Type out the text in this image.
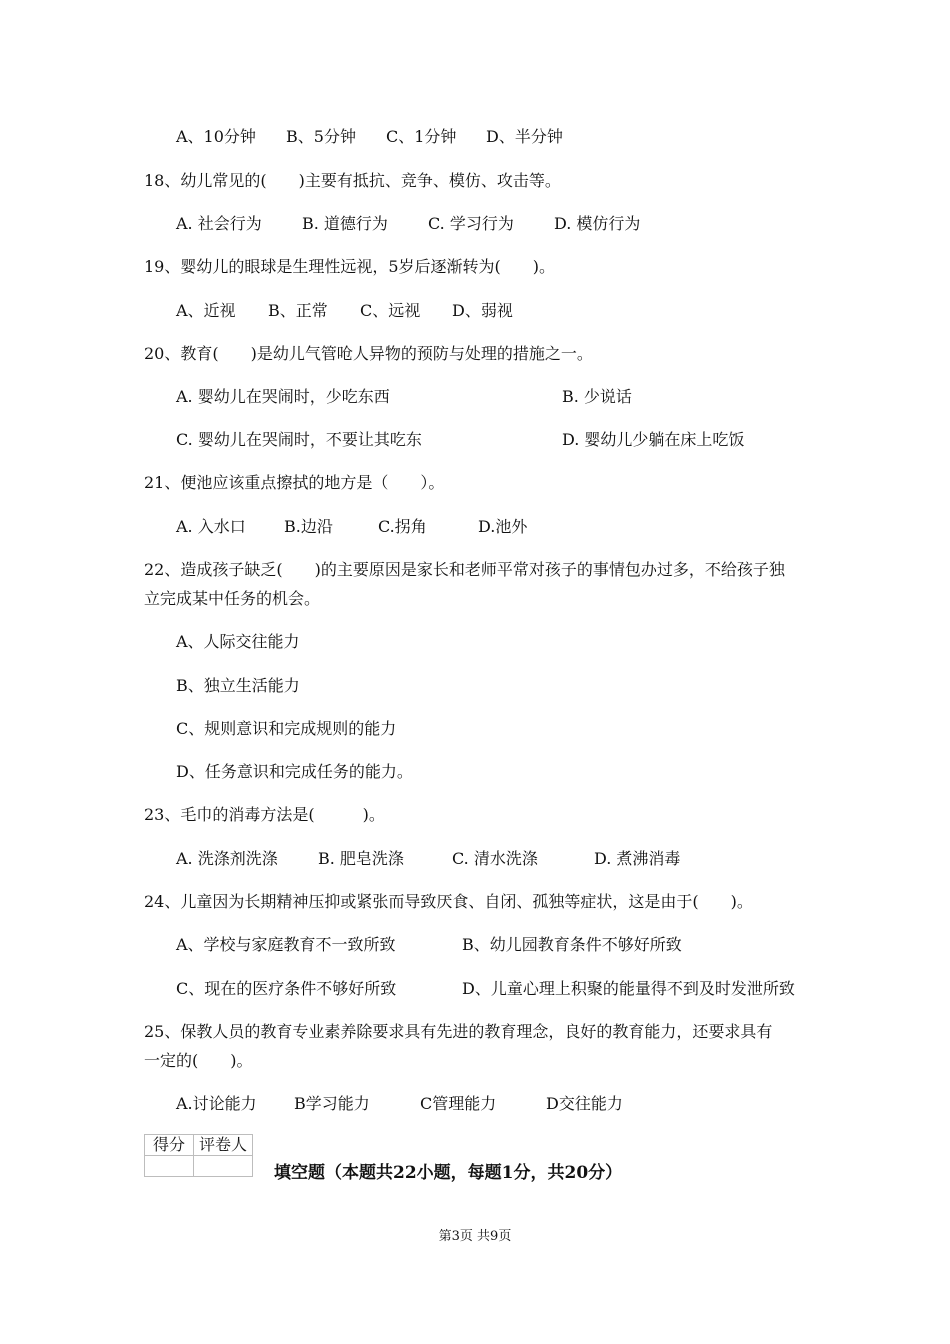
A、10分钟 B、5分钟 C、1分钟 D、半分钟
18、幼儿常见的(　　)主要有抵抗、竞争、模仿、攻击等。
A. 社会行为	B. 道德行为	C. 学习行为	D. 模仿行为
19、婴幼儿的眼球是生理性远视，5岁后逐渐转为(　　)。
A、近视 B、正常 C、远视 D、弱视
20、教育(　　)是幼儿气管呛人异物的预防与处理的措施之一。
A. 婴幼儿在哭闹时，少吃东西	B. 少说话
C. 婴幼儿在哭闹时，不要让其吃东	D. 婴幼儿少躺在床上吃饭
21、便池应该重点擦拭的地方是（　　）。
A. 入水口 B.边沿	C.拐角	D.池外
22、造成孩子缺乏(　　)的主要原因是家长和老师平常对孩子的事情包办过多，不给孩子独
立完成某中任务的机会。
A、人际交往能力
B、独立生活能力
C、规则意识和完成规则的能力
D、任务意识和完成任务的能力。
23、毛巾的消毒方法是(　　　)。
A. 洗涤剂洗涤	B. 肥皂洗涤	C. 清水洗涤	D. 煮沸消毒
24、儿童因为长期精神压抑或紧张而导致厌食、自闭、孤独等症状，这是由于(　　)。
A、学校与家庭教育不一致所致	B、幼儿园教育条件不够好所致
C、现在的医疗条件不够好所致	D、儿童心理上积聚的能量得不到及时发泄所致
25、保教人员的教育专业素养除要求具有先进的教育理念，良好的教育能力，还要求具有
一定的(　　)。
A.讨论能力 B学习能力	C管理能力	D交往能力
得分	评卷人

填空题（本题共22小题，每题1分，共20分）
第3页 共9页
